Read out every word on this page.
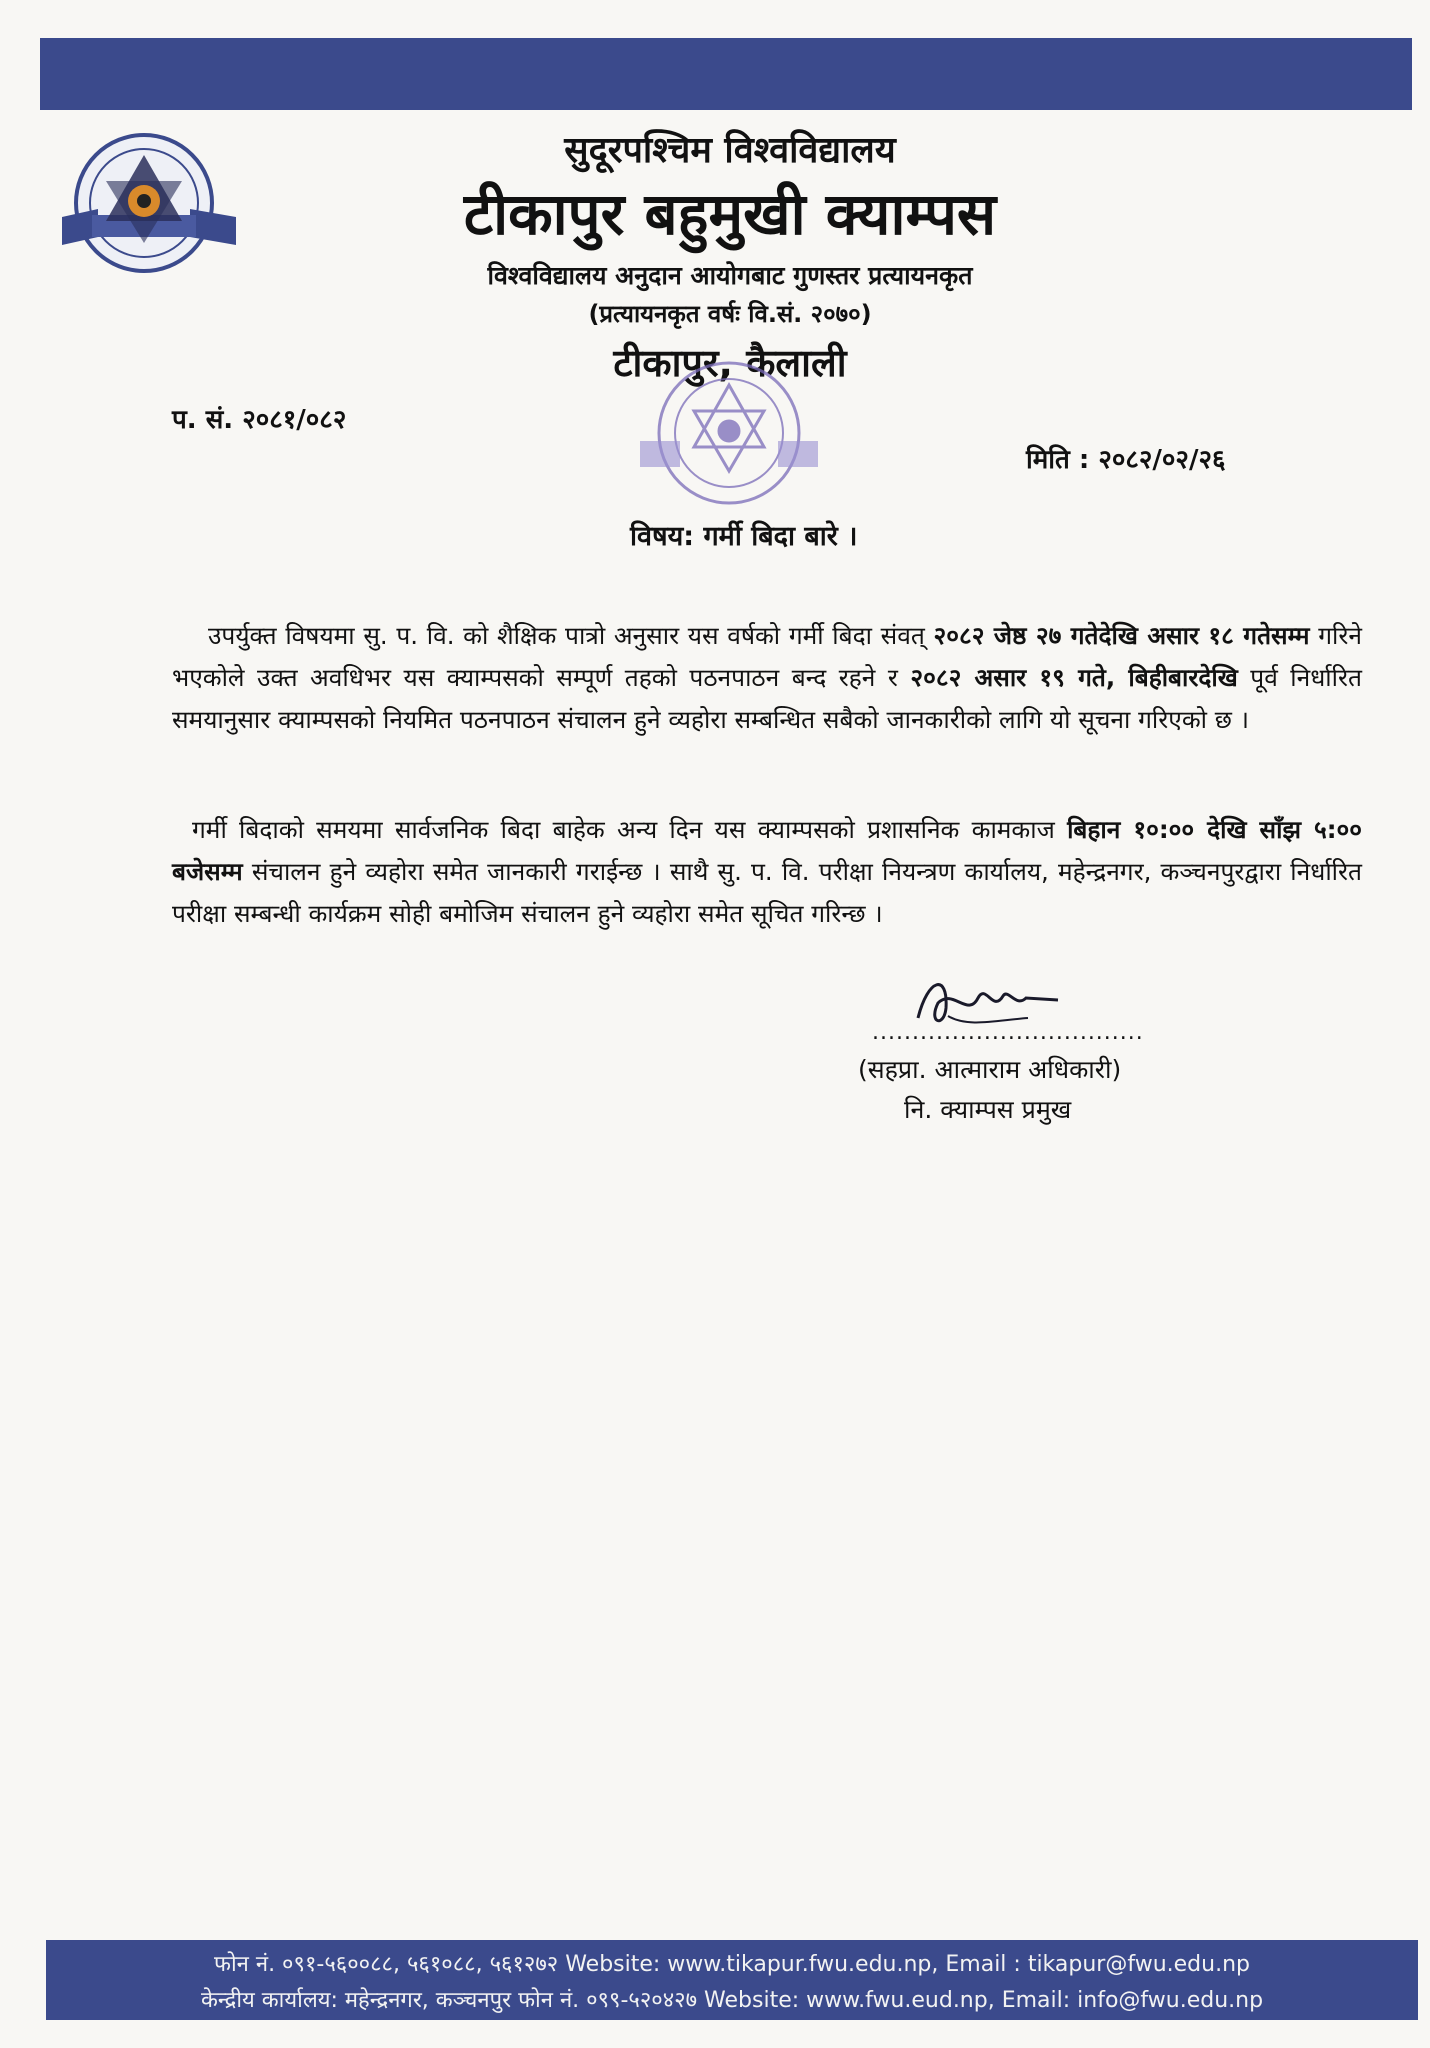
सुदूरपश्चिम विश्वविद्यालय
टीकापुर बहुमुखी क्याम्पस
विश्वविद्यालय अनुदान आयोगबाट गुणस्तर प्रत्यायनकृत
(प्रत्यायनकृत वर्षः वि.सं. २०७०)
टीकापुर, कैलाली
प. सं. २०८१/०८२
मिति : २०८२/०२/२६
विषय: गर्मी बिदा बारे ।

उपर्युक्त विषयमा सु. प. वि. को शैक्षिक पात्रो अनुसार यस वर्षको गर्मी बिदा संवत् २०८२ जेष्ठ २७ गतेदेखि असार १८ गतेसम्म गरिने भएकोले उक्त अवधिभर यस क्याम्पसको सम्पूर्ण तहको पठनपाठन बन्द रहने र २०८२ असार १९ गते, बिहीबारदेखि पूर्व निर्धारित समयानुसार क्याम्पसको नियमित पठनपाठन संचालन हुने व्यहोरा सम्बन्धित सबैको जानकारीको लागि यो सूचना गरिएको छ ।

गर्मी बिदाको समयमा सार्वजनिक बिदा बाहेक अन्य दिन यस क्याम्पसको प्रशासनिक कामकाज बिहान १०:०० देखि साँझ ५:०० बजेसम्म संचालन हुने व्यहोरा समेत जानकारी गराईन्छ । साथै सु. प. वि. परीक्षा नियन्त्रण कार्यालय, महेन्द्रनगर, कञ्चनपुरद्वारा निर्धारित परीक्षा सम्बन्धी कार्यक्रम सोही बमोजिम संचालन हुने व्यहोरा समेत सूचित गरिन्छ ।

..................................
(सहप्रा. आत्माराम अधिकारी)
नि. क्याम्पस प्रमुख
फोन नं. ०९१-५६००८८, ५६१०८८, ५६१२७२ Website: www.tikapur.fwu.edu.np, Email : tikapur@fwu.edu.np
केन्द्रीय कार्यालय: महेन्द्रनगर, कञ्चनपुर फोन नं. ०९९-५२०४२७ Website: www.fwu.eud.np, Email: info@fwu.edu.np
